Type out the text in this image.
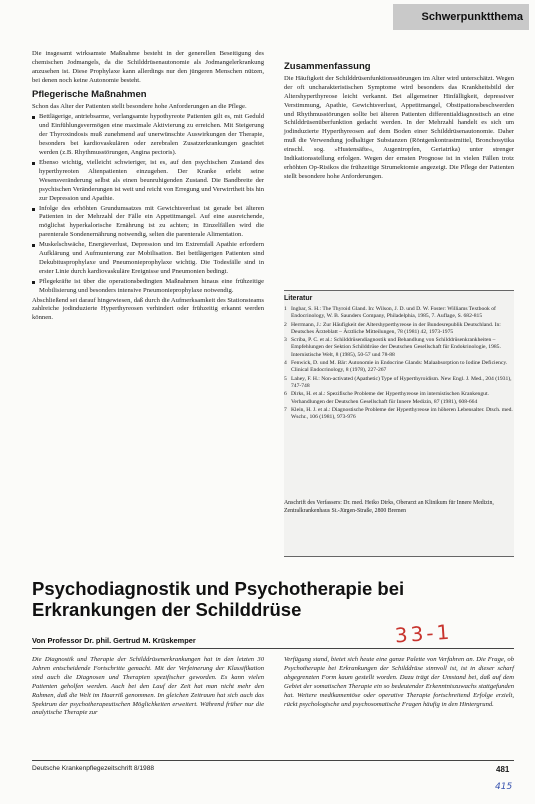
Schwerpunktthema

Die insgesamt wirksamste Maßnahme besteht in der generellen Beseitigung des chemischen Jodmangels, da die Schilddrüsenautonomie als Jodmangelerkrankung anzusehen ist. Diese Prophylaxe kann allerdings nur den jüngeren Menschen nützen, bei denen noch keine Autonomie besteht.

Pflegerische Maßnahmen

Schon das Alter der Patienten stellt besondere hohe Anforderungen an die Pflege.

Bettlägerige, antriebsarme, verlangsamte hypothyreote Patienten gilt es, mit Geduld und Einfühlungsvermögen eine maximale Aktivierung zu erreichen. Mit Steigerung der Thyroxindosis muß zunehmend auf unerwünschte Auswirkungen der Therapie, besonders bei kardiovaskulären oder zerebralen Zusatzerkrankungen geachtet werden (z.B. Rhythmusstörungen, Angina pectoris).
Ebenso wichtig, vielleicht schwieriger, ist es, auf den psychischen Zustand des hyperthyreoten Altenpatienten einzugehen. Der Kranke erlebt seine Wesensveränderung selbst als einen beunruhigenden Zustand. Die Bandbreite der psychischen Veränderungen ist weit und reicht von Erregung und Verwirrtheit bis hin zur Depression und Apathie.
Infolge des erhöhten Grundumsatzes mit Gewichtsverlust ist gerade bei älteren Patienten in der Mehrzahl der Fälle ein Appetitmangel. Auf eine ausreichende, möglichst hyperkalorische Ernährung ist zu achten; in Einzelfällen wird die parenterale Sondenernährung notwendig, selten die parenterale Alimentation.
Muskelschwäche, Energieverlust, Depression und im Extremfall Apathie erfordern Aufklärung und Aufmunterung zur Mobilisation. Bei bettlägerigen Patienten sind Dekubitusprophylaxe und Pneumonieprophylaxe wichtig. Die Todesfälle sind in erster Linie durch kardiovaskuläre Ereignisse und Pneumonien bedingt.
Pflegekräfte ist über die operationsbedingten Maßnahmen hinaus eine frühzeitige Mobilisierung und besonders intensive Pneumonieprophylaxe notwendig.

Abschließend sei darauf hingewiesen, daß durch die Aufmerksamkeit des Stationsteams zahlreiche jodinduzierte Hyperthyreosen verhindert oder frühzeitig erkannt werden können.

Zusammenfassung

Die Häufigkeit der Schilddrüsenfunktionsstörungen im Alter wird unterschätzt. Wegen der oft uncharakteristischen Symptome wird besonders das Krankheitsbild der Altershyperthyreose leicht verkannt. Bei allgemeiner Hinfälligkeit, depressiver Verstimmung, Apathie, Gewichtsverlust, Appetitmangel, Obstipationsbeschwerden und Rhythmusstörungen sollte bei älteren Patienten differentialdiagnostisch an eine Schilddrüsenüberfunktion gedacht werden. In der Mehrzahl handelt es sich um jodinduzierte Hyperthyreosen auf dem Boden einer Schilddrüsenautonomie. Daher muß die Verwendung jodhaltiger Substanzen (Röntgenkontrastmittel, Bronchosytika einschl. sog. »Hustensäfte«, Augentropfen, Geriatrika) unter strenger Indikationsstellung erfolgen. Wegen der ernsten Prognose ist in vielen Fällen trotz erhöhten Op-Risikos die frühzeitige Strumektomie angezeigt. Die Pflege der Patienten stellt besondere hohe Anforderungen.

Literatur
1 Ingbar, S. H.: The Thyroid Gland. In: Wilson, J. D. und D. W. Foster: Williams Textbook of Endocrinology, W. B. Saunders Company, Philadelphia, 1985, 7. Auflage, S. 682-815
2 Herrmann, J.: Zur Häufigkeit der Altershyperthyreose in der Bundesrepublik Deutschland. In: Deutsches Ärzteblatt – Ärztliche Mitteilungen, 78 (1981) 42, 1973-1975
3 Scriba, P. C. et al.: Schilddrüsendiagnostik und Behandlung von Schilddrüsenkrankheiten – Empfehlungen der Sektion Schilddrüse der Deutschen Gesellschaft für Endokrinologie, 1985. Internistische Welt, 8 (1985), 50-57 und 78-88
4 Fenwick, D. und M. Bär: Autonomie in Endocrine Glands: Malaabsorption to Iodine Deficiency. Clinical Endocrinology, 8 (1978), 227-267
5 Lahey, F. H.: Non-activated (Apathetic) Type of Hyperthyroidism. New Engl. J. Med., 204 (1931), 747-748
6 Dirks, H. et al.: Spezifische Probleme der Hyperthyreose im internistischen Krankengut. Verhandlungen der Deutschen Gesellschaft für Innere Medizin, 87 (1981), 608-664
7 Klein, H. J. et al.: Diagnostische Probleme der Hyperthyreose im höheren Lebensalter. Dtsch. med. Wschr., 106 (1981), 973-976
Anschrift des Verfassers: Dr. med. Heiko Dirks, Oberarzt an Klinikum für Innere Medizin, Zentralkrankenhaus St.-Jürgen-Straße, 2800 Bremen
Psychodiagnostik und Psychotherapie bei
Erkrankungen der Schilddrüse
Von Professor Dr. phil. Gertrud M. Krüskemper	33-1
Die Diagnostik und Therapie der Schilddrüsenerkrankungen hat in den letzten 30 Jahren entscheidende Fortschritte gemacht. Mit der Verfeinerung der Klassifikation sind auch die Diagnosen und Therapien spezifischer geworden. Es kann vielen Patienten geholfen werden. Auch bei den Lauf der Zeit hat man nicht mehr den Rahmen, daß die Welt im Haarriß genommen. Im gleichen Zeitraum hat sich auch das Spektrum der psychotherapeutischen Möglichkeiten erweitert. Während früher nur die analytische Therapie zur
Verfügung stand, bietet sich heute eine ganze Palette von Verfahren an. Die Frage, ob Psychotherapie bei Erkrankungen der Schilddrüse sinnvoll ist, ist in dieser scharf abgegrenzten Form kaum gestellt worden. Dazu trägt der Umstand bei, daß auf dem Gebiet der somatischen Therapie ein so bedeutender Erkenntniszuwachs stattgefunden hat. Weitere medikamentöse oder operative Therapie fortschreitend Erfolge erzielt, rückt psychologische und psychosomatische Fragen häufig in den Hintergrund.
Deutsche Krankenpflegezeitschrift 8/1988	481
415
